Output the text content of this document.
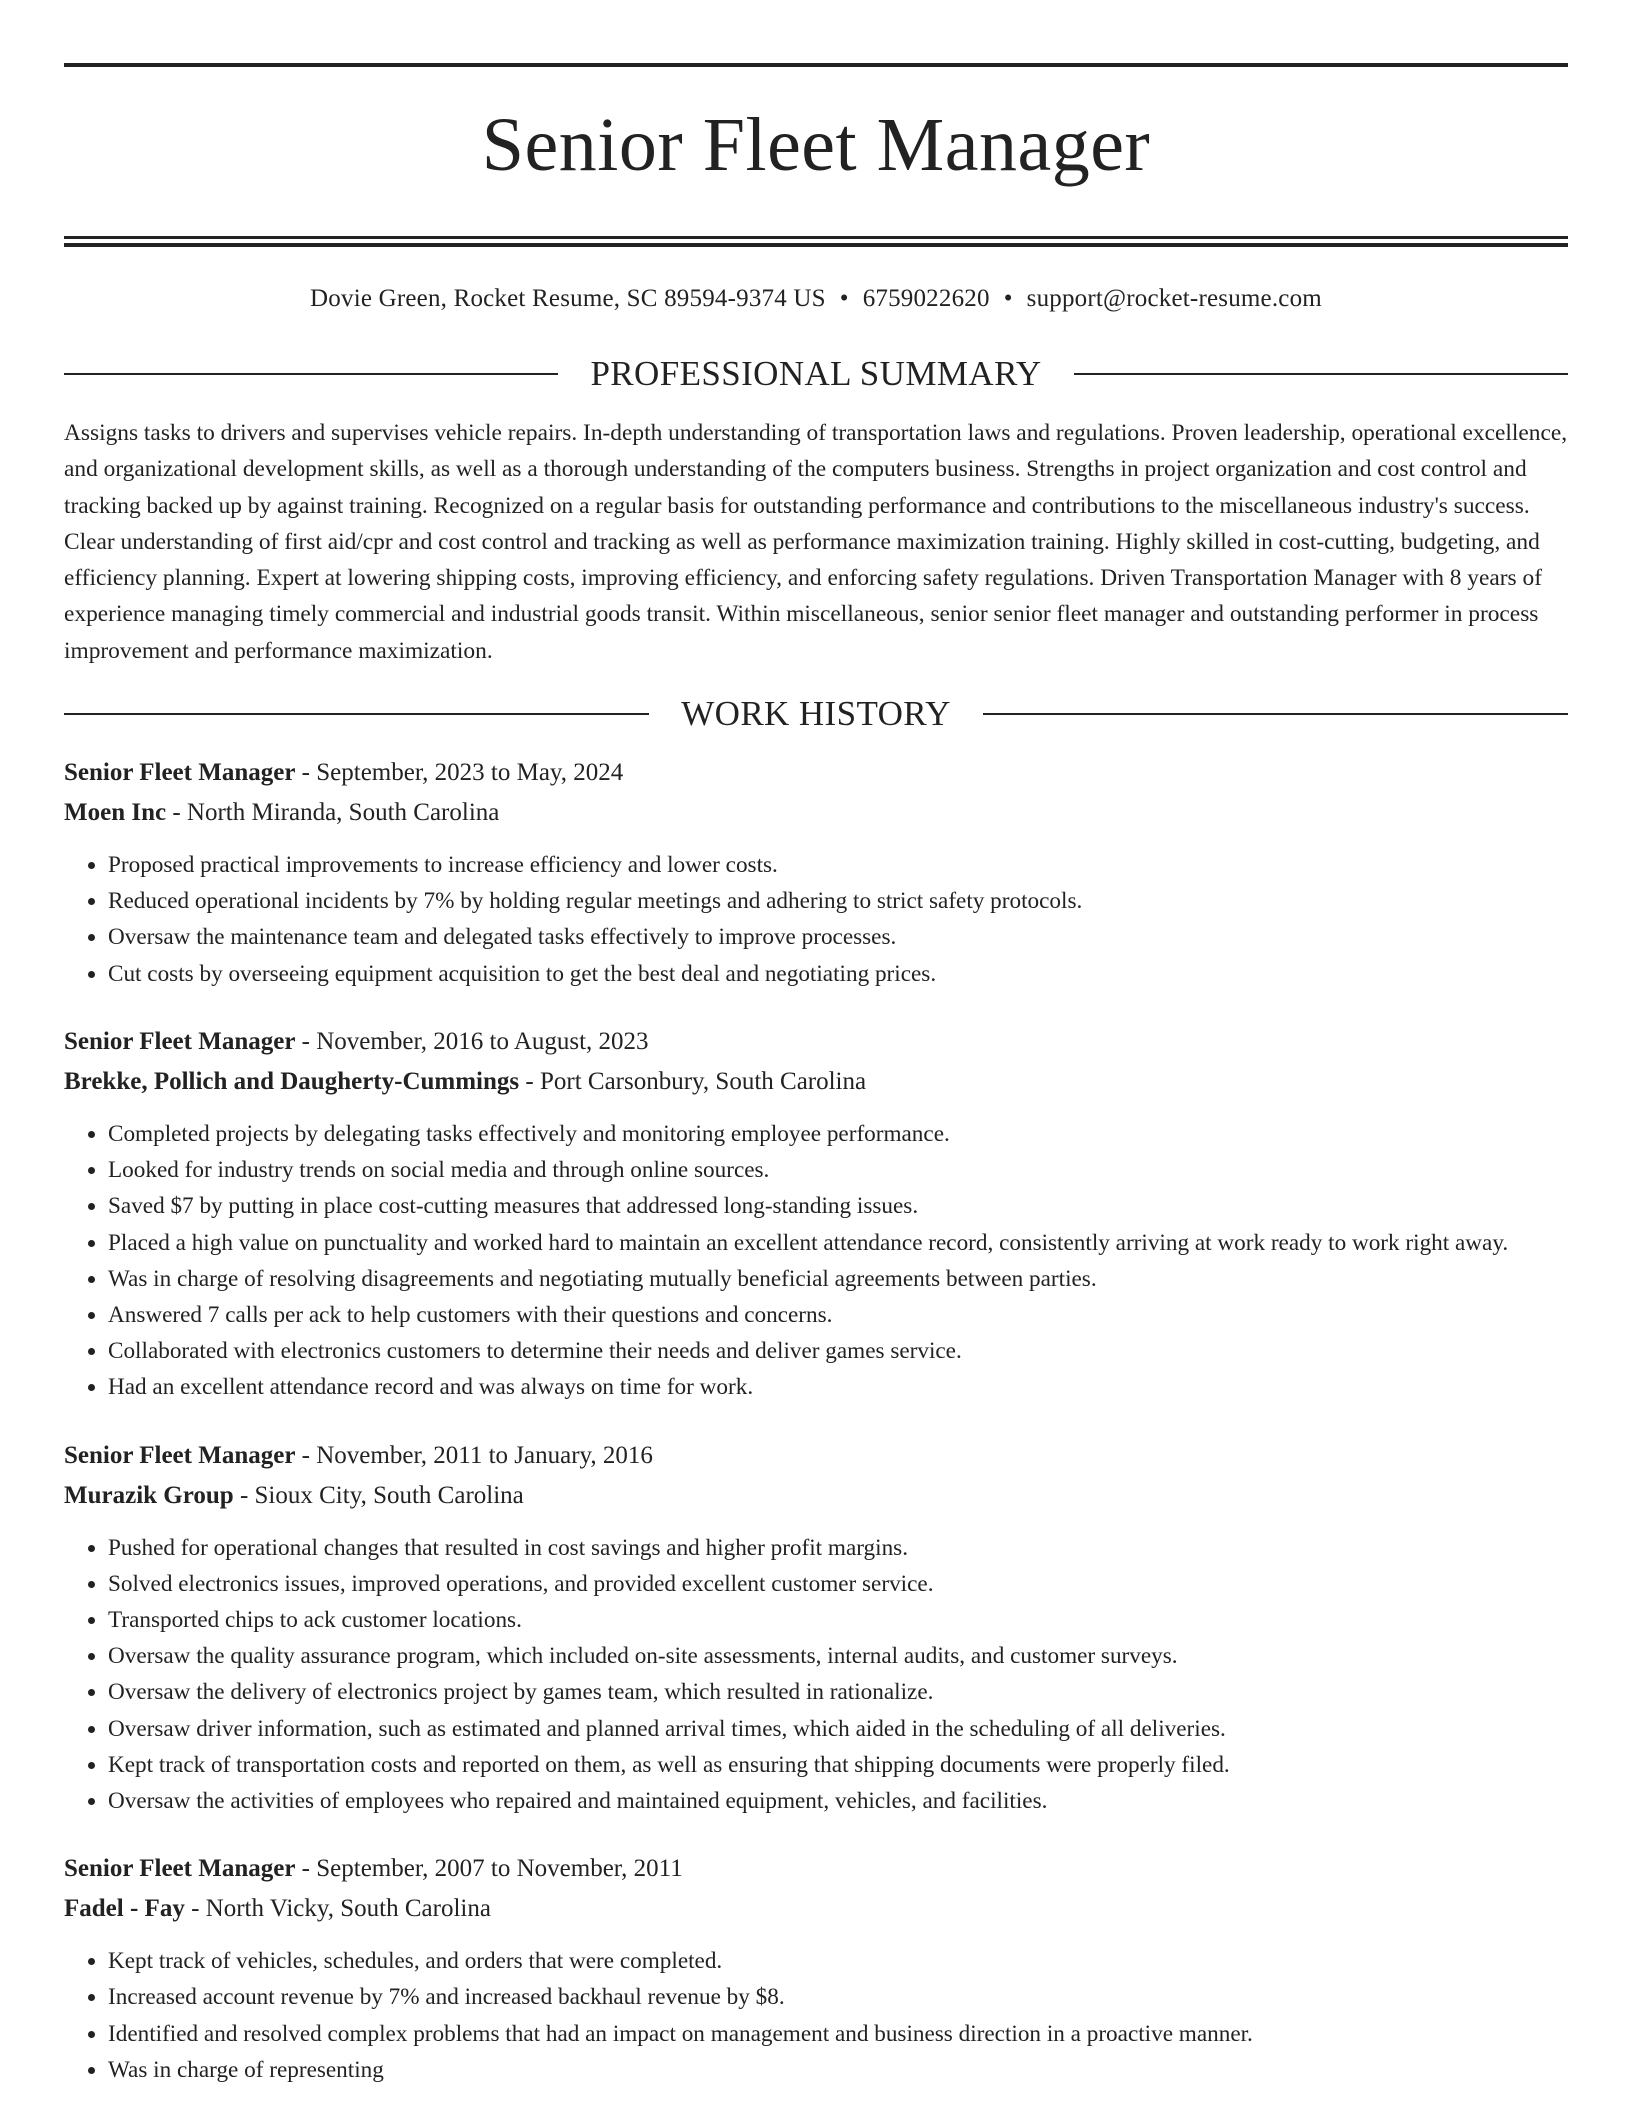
Senior Fleet Manager
Dovie Green, Rocket Resume, SC 89594-9374 US • 6759022620 • support@rocket-resume.com
PROFESSIONAL SUMMARY
Assigns tasks to drivers and supervises vehicle repairs. In-depth understanding of transportation laws and regulations. Proven leadership, operational excellence, and organizational development skills, as well as a thorough understanding of the computers business. Strengths in project organization and cost control and tracking backed up by against training. Recognized on a regular basis for outstanding performance and contributions to the miscellaneous industry's success. Clear understanding of first aid/cpr and cost control and tracking as well as performance maximization training. Highly skilled in cost-cutting, budgeting, and efficiency planning. Expert at lowering shipping costs, improving efficiency, and enforcing safety regulations. Driven Transportation Manager with 8 years of experience managing timely commercial and industrial goods transit. Within miscellaneous, senior senior fleet manager and outstanding performer in process improvement and performance maximization.
WORK HISTORY
Senior Fleet Manager - September, 2023 to May, 2024
Moen Inc - North Miranda, South Carolina
• Proposed practical improvements to increase efficiency and lower costs.
• Reduced operational incidents by 7% by holding regular meetings and adhering to strict safety protocols.
• Oversaw the maintenance team and delegated tasks effectively to improve processes.
• Cut costs by overseeing equipment acquisition to get the best deal and negotiating prices.
Senior Fleet Manager - November, 2016 to August, 2023
Brekke, Pollich and Daugherty-Cummings - Port Carsonbury, South Carolina
• Completed projects by delegating tasks effectively and monitoring employee performance.
• Looked for industry trends on social media and through online sources.
• Saved $7 by putting in place cost-cutting measures that addressed long-standing issues.
• Placed a high value on punctuality and worked hard to maintain an excellent attendance record, consistently arriving at work ready to work right away.
• Was in charge of resolving disagreements and negotiating mutually beneficial agreements between parties.
• Answered 7 calls per ack to help customers with their questions and concerns.
• Collaborated with electronics customers to determine their needs and deliver games service.
• Had an excellent attendance record and was always on time for work.
Senior Fleet Manager - November, 2011 to January, 2016
Murazik Group - Sioux City, South Carolina
• Pushed for operational changes that resulted in cost savings and higher profit margins.
• Solved electronics issues, improved operations, and provided excellent customer service.
• Transported chips to ack customer locations.
• Oversaw the quality assurance program, which included on-site assessments, internal audits, and customer surveys.
• Oversaw the delivery of electronics project by games team, which resulted in rationalize.
• Oversaw driver information, such as estimated and planned arrival times, which aided in the scheduling of all deliveries.
• Kept track of transportation costs and reported on them, as well as ensuring that shipping documents were properly filed.
• Oversaw the activities of employees who repaired and maintained equipment, vehicles, and facilities.
Senior Fleet Manager - September, 2007 to November, 2011
Fadel - Fay - North Vicky, South Carolina
• Kept track of vehicles, schedules, and orders that were completed.
• Increased account revenue by 7% and increased backhaul revenue by $8.
• Identified and resolved complex problems that had an impact on management and business direction in a proactive manner.
• Was in charge of representing
